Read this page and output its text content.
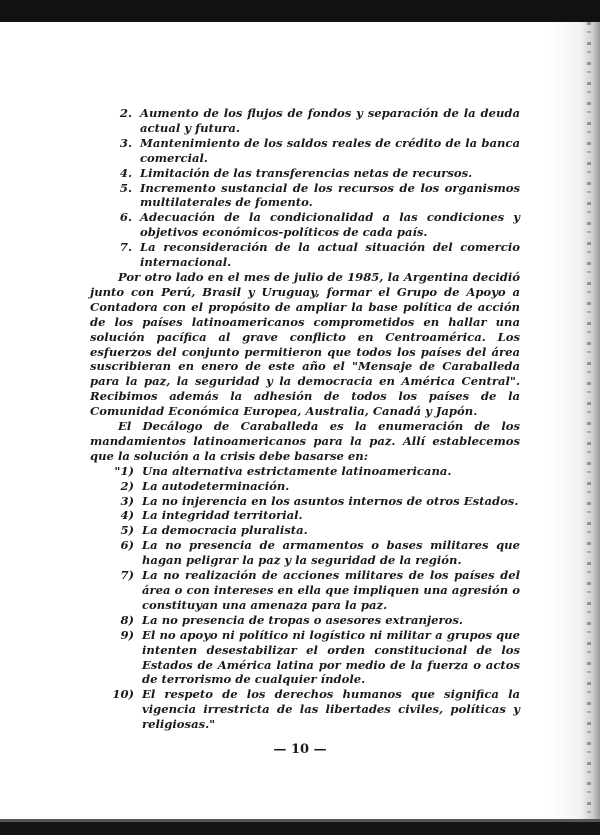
2. Aumento de los flujos de fondos y separación de la deuda actual y futura.
3. Mantenimiento de los saldos reales de crédito de la banca comercial.
4. Limitación de las transferencias netas de recursos.
5. Incremento sustancial de los recursos de los organismos multilaterales de fomento.
6. Adecuación de la condicionalidad a las condiciones y objetivos económicos-políticos de cada país.
7. La reconsideración de la actual situación del comercio internacional.

Por otro lado en el mes de julio de 1985, la Argentina decidió junto con Perú, Brasil y Uruguay, formar el Grupo de Apoyo a Contadora con el propósito de ampliar la base política de acción de los países latinoamericanos comprometidos en hallar una solución pacífica al grave conflicto en Centroamérica. Los esfuerzos del conjunto permitieron que todos los países del área suscribieran en enero de este año el "Mensaje de Caraballeda para la paz, la seguridad y la democracia en América Central". Recibimos además la adhesión de todos los países de la Comunidad Económica Europea, Australia, Canadá y Japón.

El Decálogo de Caraballeda es la enumeración de los mandamientos latinoamericanos para la paz. Allí establecemos que la solución a la crisis debe basarse en:

"1) Una alternativa estrictamente latinoamericana.
2) La autodeterminación.
3) La no injerencia en los asuntos internos de otros Estados.
4) La integridad territorial.
5) La democracia pluralista.
6) La no presencia de armamentos o bases militares que hagan peligrar la paz y la seguridad de la región.
7) La no realización de acciones militares de los países del área o con intereses en ella que impliquen una agresión o constituyan una amenaza para la paz.
8) La no presencia de tropas o asesores extranjeros.
9) El no apoyo ni político ni logístico ni militar a grupos que intenten desestabilizar el orden constitucional de los Estados de América latina por medio de la fuerza o actos de terrorismo de cualquier índole.
10) El respeto de los derechos humanos que significa la vigencia irrestricta de las libertades civiles, políticas y religiosas."
— 10 —
